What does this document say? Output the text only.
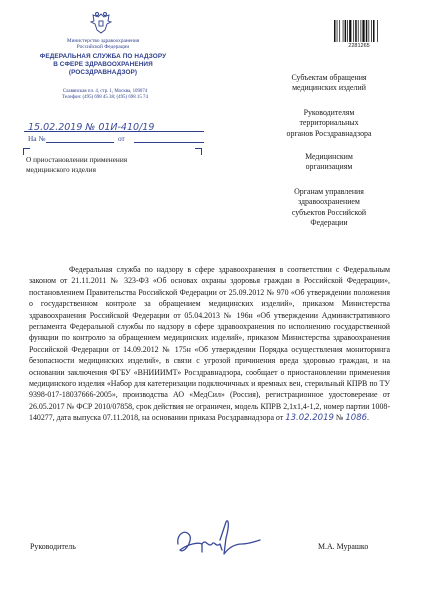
Министерство здравоохранения
Российской Федерации
ФЕДЕРАЛЬНАЯ СЛУЖБА ПО НАДЗОРУ
В СФЕРЕ ЗДРАВООХРАНЕНИЯ
(РОСЗДРАВНАДЗОР)
Славянская пл. 4, стр. 1, Москва, 109074
Телефон: (495) 698 45 38; (495) 698 15 74
15.02.2019 № 01И-410/19
На №	от
О приостановлении применения
медицинского изделия
2281265
Субъектам обращения
медицинских изделий
Руководителям
территориальных
органов Росздравнадзора
Медицинским
организациям
Органам управления
здравоохранением
субъектов Российской
Федерации

Федеральная служба по надзору в сфере здравоохранения в соответствии с Федеральным законом от 21.11.2011 № 323-ФЗ «Об основах охраны здоровья граждан в Российской Федерации», постановлением Правительства Российской Федерации от 25.09.2012 № 970 «Об утверждении положения о государственном контроле за обращением медицинских изделий», приказом Министерства здравоохранения Российской Федерации от 05.04.2013 № 196н «Об утверждении Административного регламента Федеральной службы по надзору в сфере здравоохранения по исполнению государственной функции по контролю за обращением медицинских изделий», приказом Министерства здравоохранения Российской Федерации от 14.09.2012 № 175н «Об утверждении Порядка осуществления мониторинга безопасности медицинских изделий», в связи с угрозой причинения вреда здоровью граждан, и на основании заключения ФГБУ «ВНИИИМТ» Росздравнадзора, сообщает о приостановлении применения медицинского изделия «Набор для катетеризации подключичных и яремных вен, стерильный КПРВ по ТУ 9398-017-18037666-2005», производства АО «МедСил» (Россия), регистрационное удостоверение от 26.05.2017 № ФСР 2010/07858, срок действия не ограничен, модель КПРВ 2,1х1,4-1,2, номер партии 1008-140277, дата выпуска 07.11.2018, на основании приказа Росздравнадзора от 13.02.2019 № 1086.

Руководитель	М.А. Мурашко
